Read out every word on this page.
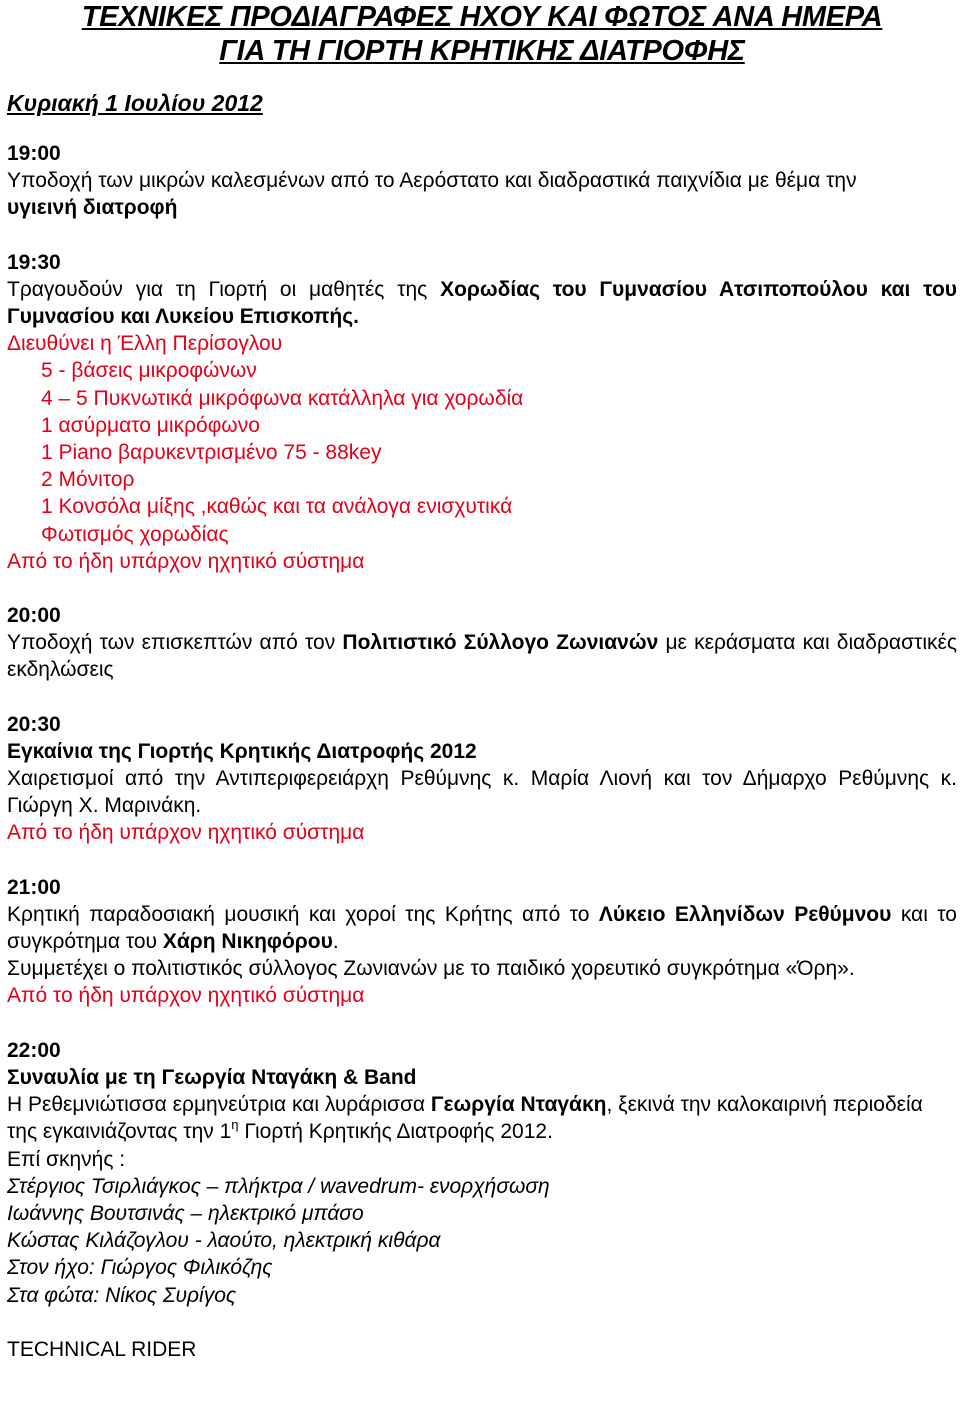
ΤΕΧΝΙΚΕΣ ΠΡΟΔΙΑΓΡΑΦΕΣ ΗΧΟΥ ΚΑΙ ΦΩΤΟΣ ΑΝΑ ΗΜΕΡΑ
ΓΙΑ ΤΗ ΓΙΟΡΤΗ ΚΡΗΤΙΚΗΣ ΔΙΑΤΡΟΦΗΣ
Κυριακή 1 Ιουλίου 2012
19:00
Υποδοχή των μικρών καλεσμένων από το Αερόστατο και διαδραστικά παιχνίδια με θέμα την
υγιεινή διατροφή
19:30
Τραγουδούν για τη Γιορτή οι μαθητές της Χορωδίας του Γυμνασίου Ατσιποπούλου και του Γυμνασίου και Λυκείου Επισκοπής.
Διευθύνει η Έλλη Περίσογλου
5 - βάσεις μικροφώνων
4 – 5 Πυκνωτικά μικρόφωνα κατάλληλα για χορωδία
1 ασύρματο μικρόφωνο
1 Piano βαρυκεντρισμένο 75 - 88key
2 Μόνιτορ
1 Κονσόλα μίξης ,καθώς και τα ανάλογα ενισχυτικά
Φωτισμός χορωδίας
Από το ήδη υπάρχον ηχητικό σύστημα
20:00
Υποδοχή των επισκεπτών από τον Πολιτιστικό Σύλλογο Ζωνιανών με κεράσματα και διαδραστικές εκδηλώσεις
20:30
Εγκαίνια της Γιορτής Κρητικής Διατροφής 2012
Χαιρετισμοί από την Αντιπεριφερειάρχη Ρεθύμνης κ. Μαρία Λιονή και τον Δήμαρχο Ρεθύμνης κ. Γιώργη Χ. Μαρινάκη.
Από το ήδη υπάρχον ηχητικό σύστημα
21:00
Κρητική παραδοσιακή μουσική και χοροί της Κρήτης από το Λύκειο Ελληνίδων Ρεθύμνου και το συγκρότημα του Χάρη Νικηφόρου.
Συμμετέχει ο πολιτιστικός σύλλογος Ζωνιανών με το παιδικό χορευτικό συγκρότημα «Όρη».
Από το ήδη υπάρχον ηχητικό σύστημα
22:00
Συναυλία με τη Γεωργία Νταγάκη & Band
Η Ρεθεμνιώτισσα ερμηνεύτρια και λυράρισσα Γεωργία Νταγάκη, ξεκινά την καλοκαιρινή περιοδεία της εγκαινιάζοντας την $1^\eta$ Γιορτή Κρητικής Διατροφής 2012.
Επί σκηνής :
Στέργιος Τσιρλιάγκος – πλήκτρα / wavedrum- ενορχήσωση
Ιωάννης Βουτσινάς – ηλεκτρικό μπάσο
Κώστας Κιλάζογλου - λαούτο, ηλεκτρική κιθάρα
Στον ήχο: Γιώργος Φιλικόζης
Στα φώτα: Νίκος Συρίγος
TECHNICAL RIDER
